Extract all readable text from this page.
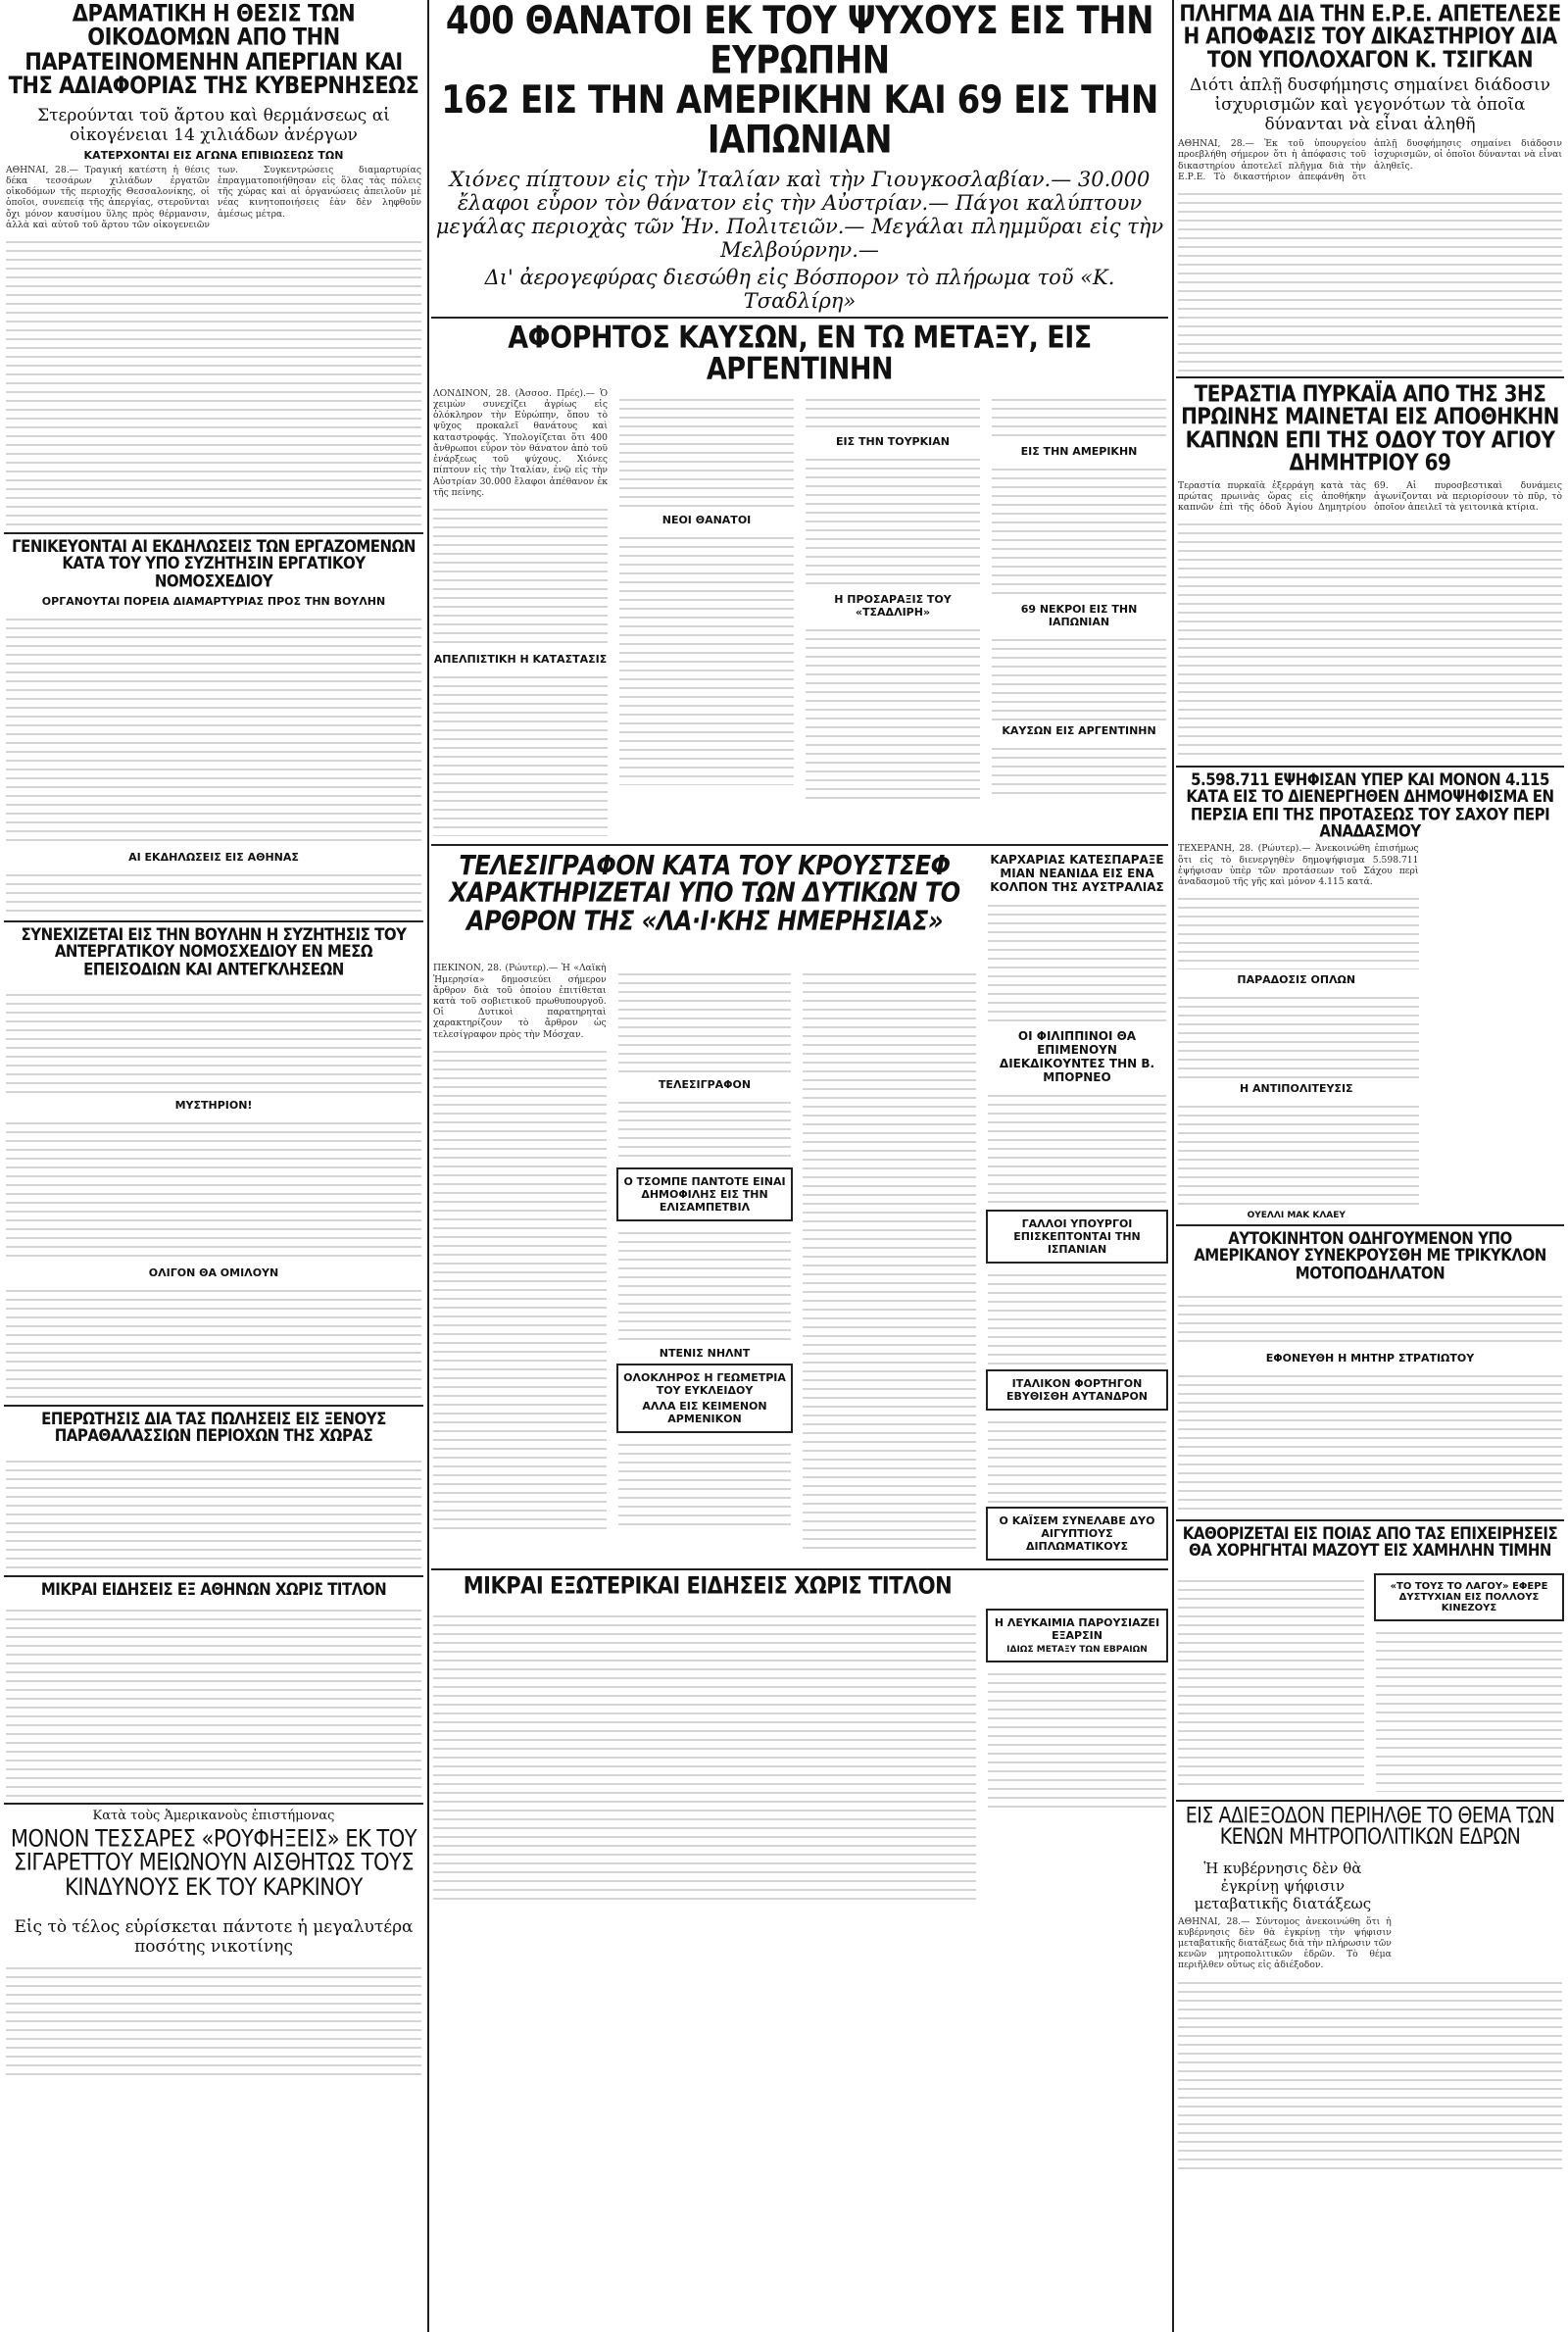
ΔΡΑΜΑΤΙΚΗ Η ΘΕΣΙΣ ΤΩΝ ΟΙΚΟΔΟΜΩΝ ΑΠΟ ΤΗΝ ΠΑΡΑΤΕΙΝΟΜΕΝΗΝ ΑΠΕΡΓΙΑΝ ΚΑΙ ΤΗΣ ΑΔΙΑΦΟΡΙΑΣ ΤΗΣ ΚΥΒΕΡΝΗΣΕΩΣ
Στερούνται τοῦ ἄρτου καὶ θερμάνσεως αἱ οἰκογένειαι 14 χιλιάδων ἀνέργων
ΚΑΤΕΡΧΟΝΤΑΙ ΕΙΣ ΑΓΩΝΑ ΕΠΙΒΙΩΣΕΩΣ ΤΩΝ
ΑΘΗΝΑΙ, 28.— Τραγική κατέστη ἡ θέσις δέκα τεσσάρων χιλιάδων ἐργατῶν οἰκοδόμων τῆς περιοχῆς Θεσσαλονίκης, οἱ ὁποῖοι, συνεπείᾳ τῆς ἀπεργίας, στεροῦνται ὄχι μόνον καυσίμου ὕλης πρὸς θέρμανσιν, ἀλλὰ καὶ αὐτοῦ τοῦ ἄρτου τῶν οἰκογενειῶν των. Συγκεντρώσεις διαμαρτυρίας ἐπραγματοποιήθησαν εἰς ὅλας τὰς πόλεις τῆς χώρας καὶ αἱ ὀργανώσεις ἀπειλοῦν μὲ νέας κινητοποιήσεις ἐὰν δὲν ληφθοῦν ἀμέσως μέτρα.
ΓΕΝΙΚΕΥΟΝΤΑΙ ΑΙ ΕΚΔΗΛΩΣΕΙΣ ΤΩΝ ΕΡΓΑΖΟΜΕΝΩΝ ΚΑΤΑ ΤΟΥ ΥΠΟ ΣΥΖΗΤΗΣΙΝ ΕΡΓΑΤΙΚΟΥ ΝΟΜΟΣΧΕΔΙΟΥ
ΟΡΓΑΝΟΥΤΑΙ ΠΟΡΕΙΑ ΔΙΑΜΑΡΤΥΡΙΑΣ ΠΡΟΣ ΤΗΝ ΒΟΥΛΗΝ
ΑΙ ΕΚΔΗΛΩΣΕΙΣ ΕΙΣ ΑΘΗΝΑΣ
ΣΥΝΕΧΙΖΕΤΑΙ ΕΙΣ ΤΗΝ ΒΟΥΛΗΝ Η ΣΥΖΗΤΗΣΙΣ ΤΟΥ ΑΝΤΕΡΓΑΤΙΚΟΥ ΝΟΜΟΣΧΕΔΙΟΥ ΕΝ ΜΕΣΩ ΕΠΕΙΣΟΔΙΩΝ ΚΑΙ ΑΝΤΕΓΚΛΗΣΕΩΝ
ΜΥΣΤΗΡΙΟΝ!
ΟΛΙΓΟΝ ΘΑ ΟΜΙΛΟΥΝ
ΕΠΕΡΩΤΗΣΙΣ ΔΙΑ ΤΑΣ ΠΩΛΗΣΕΙΣ ΕΙΣ ΞΕΝΟΥΣ ΠΑΡΑΘΑΛΑΣΣΙΩΝ ΠΕΡΙΟΧΩΝ ΤΗΣ ΧΩΡΑΣ
ΜΙΚΡΑΙ ΕΙΔΗΣΕΙΣ ΕΞ ΑΘΗΝΩΝ ΧΩΡΙΣ ΤΙΤΛΟΝ
Κατὰ τοὺς Ἀμερικανοὺς ἐπιστήμονας
ΜΟΝΟΝ ΤΕΣΣΑΡΕΣ «ΡΟΥΦΗΞΕΙΣ» ΕΚ ΤΟΥ ΣΙΓΑΡΕΤΤΟΥ ΜΕΙΩΝΟΥΝ ΑΙΣΘΗΤΩΣ ΤΟΥΣ ΚΙΝΔΥΝΟΥΣ ΕΚ ΤΟΥ ΚΑΡΚΙΝΟΥ
Εἰς τὸ τέλος εὑρίσκεται πάντοτε ἡ μεγαλυτέρα ποσότης νικοτίνης
400 ΘΑΝΑΤΟΙ ΕΚ ΤΟΥ ΨΥΧΟΥΣ ΕΙΣ ΤΗΝ ΕΥΡΩΠΗΝ
162 ΕΙΣ ΤΗΝ ΑΜΕΡΙΚΗΝ ΚΑΙ 69 ΕΙΣ ΤΗΝ ΙΑΠΩΝΙΑΝ
Χιόνες πίπτουν εἰς τὴν Ἰταλίαν καὶ τὴν Γιουγκοσλαβίαν.— 30.000 ἔλαφοι εὗρον τὸν θάνατον εἰς τὴν Αὐστρίαν.— Πάγοι καλύπτουν μεγάλας περιοχὰς τῶν Ἡν. Πολιτειῶν.— Μεγάλαι πλημμῦραι εἰς τὴν Μελβούρνην.—
Δι' ἀερογεφύρας διεσώθη εἰς Βόσπορον τὸ πλήρωμα τοῦ «Κ. Τσαδλίρη»
ΑΦΟΡΗΤΟΣ ΚΑΥΣΩΝ, ΕΝ ΤΩ ΜΕΤΑΞΥ, ΕΙΣ ΑΡΓΕΝΤΙΝΗΝ
ΛΟΝΔΙΝΟΝ, 28. (Ἀσσοσ. Πρές).— Ὁ χειμὼν συνεχίζει ἀγρίως εἰς ὁλόκληρον τὴν Εὐρώπην, ὅπου τὸ ψῦχος προκαλεῖ θανάτους καὶ καταστροφάς. Ὑπολογίζεται ὅτι 400 ἄνθρωποι εὗρον τὸν θάνατον ἀπὸ τοῦ ἐνάρξεως τοῦ ψύχους. Χιόνες πίπτουν εἰς τὴν Ἰταλίαν, ἐνῷ εἰς τὴν Αὐστρίαν 30.000 ἔλαφοι ἀπέθανον ἐκ τῆς πείνης.
ΑΠΕΛΠΙΣΤΙΚΗ Η ΚΑΤΑΣΤΑΣΙΣ
ΝΕΟΙ ΘΑΝΑΤΟΙ
ΕΙΣ ΤΗΝ ΤΟΥΡΚΙΑΝ
Η ΠΡΟΣΑΡΑΞΙΣ ΤΟΥ «ΤΣΑΔΛΙΡΗ»
ΕΙΣ ΤΗΝ ΑΜΕΡΙΚΗΝ
69 ΝΕΚΡΟΙ ΕΙΣ ΤΗΝ ΙΑΠΩΝΙΑΝ
ΚΑΥΣΩΝ ΕΙΣ ΑΡΓΕΝΤΙΝΗΝ
ΤΕΛΕΣΙΓΡΑΦΟΝ ΚΑΤΑ ΤΟΥ ΚΡΟΥΣΤΣΕΦ ΧΑΡΑΚΤΗΡΙΖΕΤΑΙ ΥΠΟ ΤΩΝ ΔΥΤΙΚΩΝ ΤΟ ΑΡΘΡΟΝ ΤΗΣ «ΛΑ·Ι·ΚΗΣ ΗΜΕΡΗΣΙΑΣ»
ΠΕΚΙΝΟΝ, 28. (Ρώυτερ).— Ἡ «Λαϊκὴ Ἡμερησία» δημοσιεύει σήμερον ἄρθρον διὰ τοῦ ὁποίου ἐπιτίθεται κατὰ τοῦ σοβιετικοῦ πρωθυπουργοῦ. Οἱ Δυτικοὶ παρατηρηταὶ χαρακτηρίζουν τὸ ἄρθρον ὡς τελεσίγραφον πρὸς τὴν Μόσχαν.
ΤΕΛΕΣΙΓΡΑΦΟΝ
Ο ΤΣΟΜΠΕ ΠΑΝΤΟΤΕ ΕΙΝΑΙ ΔΗΜΟΦΙΛΗΣ ΕΙΣ ΤΗΝ ΕΛΙΣΑΜΠΕΤΒΙΛ
ΝΤΕΝΙΣ ΝΗΛΝΤ
ΟΛΟΚΛΗΡΟΣ Η ΓΕΩΜΕΤΡΙΑ ΤΟΥ ΕΥΚΛΕΙΔΟΥ
ΑΛΛΑ ΕΙΣ ΚΕΙΜΕΝΟΝ ΑΡΜΕΝΙΚΟΝ
ΚΑΡΧΑΡΙΑΣ ΚΑΤΕΣΠΑΡΑΞΕ ΜΙΑΝ ΝΕΑΝΙΔΑ ΕΙΣ ΕΝΑ ΚΟΛΠΟΝ ΤΗΣ ΑΥΣΤΡΑΛΙΑΣ
ΟΙ ΦΙΛΙΠΠΙΝΟΙ ΘΑ ΕΠΙΜΕΝΟΥΝ ΔΙΕΚΔΙΚΟΥΝΤΕΣ ΤΗΝ Β. ΜΠΟΡΝΕΟ
ΓΑΛΛΟΙ ΥΠΟΥΡΓΟΙ ΕΠΙΣΚΕΠΤΟΝΤΑΙ ΤΗΝ ΙΣΠΑΝΙΑΝ
ΙΤΑΛΙΚΟΝ ΦΟΡΤΗΓΟΝ ΕΒΥΘΙΣΘΗ ΑΥΤΑΝΔΡΟΝ
Ο ΚΑΪΣΕΜ ΣΥΝΕΛΑΒΕ ΔΥΟ ΑΙΓΥΠΤΙΟΥΣ ΔΙΠΛΩΜΑΤΙΚΟΥΣ
ΜΙΚΡΑΙ ΕΞΩΤΕΡΙΚΑΙ ΕΙΔΗΣΕΙΣ ΧΩΡΙΣ ΤΙΤΛΟΝ
Η ΛΕΥΚΑΙΜΙΑ ΠΑΡΟΥΣΙΑΖΕΙ ΕΞΑΡΣΙΝ
ΙΔΙΩΣ ΜΕΤΑΞΥ ΤΩΝ ΕΒΡΑΙΩΝ
ΠΛΗΓΜΑ ΔΙΑ ΤΗΝ Ε.Ρ.Ε. ΑΠΕΤΕΛΕΣΕ Η ΑΠΟΦΑΣΙΣ ΤΟΥ ΔΙΚΑΣΤΗΡΙΟΥ ΔΙΑ ΤΟΝ ΥΠΟΛΟΧΑΓΟΝ Κ. ΤΣΙΓΚΑΝ
Διότι ἁπλῇ δυσφήμησις σημαίνει διάδοσιν ἰσχυρισμῶν καὶ γεγονότων τὰ ὁποῖα δύνανται νὰ εἶναι ἀληθῆ
ΑΘΗΝΑΙ, 28.— Ἐκ τοῦ ὑπουργείου προεβλήθη σήμερον ὅτι ἡ ἀπόφασις τοῦ δικαστηρίου ἀποτελεῖ πλῆγμα διὰ τὴν Ε.Ρ.Ε. Τὸ δικαστήριον ἀπεφάνθη ὅτι ἁπλῇ δυσφήμησις σημαίνει διάδοσιν ἰσχυρισμῶν, οἱ ὁποῖοι δύνανται νὰ εἶναι ἀληθεῖς.
ΤΕΡΑΣΤΙΑ ΠΥΡΚΑΪΑ ΑΠΟ ΤΗΣ 3ΗΣ ΠΡΩΙΝΗΣ ΜΑΙΝΕΤΑΙ ΕΙΣ ΑΠΟΘΗΚΗΝ ΚΑΠΝΩΝ ΕΠΙ ΤΗΣ ΟΔΟΥ ΤΟΥ ΑΓΙΟΥ ΔΗΜΗΤΡΙΟΥ 69
Τεραστία πυρκαϊὰ ἐξερράγη κατὰ τὰς πρώτας πρωινὰς ὥρας εἰς ἀποθήκην καπνῶν ἐπὶ τῆς ὁδοῦ Ἁγίου Δημητρίου 69. Αἱ πυροσβεστικαὶ δυνάμεις ἀγωνίζονται νὰ περιορίσουν τὸ πῦρ, τὸ ὁποῖον ἀπειλεῖ τὰ γειτονικὰ κτίρια.
5.598.711 ΕΨΗΦΙΣΑΝ ΥΠΕΡ ΚΑΙ ΜΟΝΟΝ 4.115 ΚΑΤΑ ΕΙΣ ΤΟ ΔΙΕΝΕΡΓΗΘΕΝ ΔΗΜΟΨΗΦΙΣΜΑ ΕΝ ΠΕΡΣΙΑ ΕΠΙ ΤΗΣ ΠΡΟΤΑΣΕΩΣ ΤΟΥ ΣΑΧΟΥ ΠΕΡΙ ΑΝΑΔΑΣΜΟΥ
ΤΕΧΕΡΑΝΗ, 28. (Ρώυτερ).— Ἀνεκοινώθη ἐπισήμως ὅτι εἰς τὸ διενεργηθὲν δημοψήφισμα 5.598.711 ἐψήφισαν ὑπὲρ τῶν προτάσεων τοῦ Σάχου περὶ ἀναδασμοῦ τῆς γῆς καὶ μόνον 4.115 κατά.
ΠΑΡΑΔΟΣΙΣ ΟΠΛΩΝ
Η ΑΝΤΙΠΟΛΙΤΕΥΣΙΣ
ΟΥΕΛΛΙ ΜΑΚ ΚΛΑΕΥ
ΑΥΤΟΚΙΝΗΤΟΝ ΟΔΗΓΟΥΜΕΝΟΝ ΥΠΟ ΑΜΕΡΙΚΑΝΟΥ ΣΥΝΕΚΡΟΥΣΘΗ ΜΕ ΤΡΙΚΥΚΛΟΝ ΜΟΤΟΠΟΔΗΛΑΤΟΝ
ΕΦΟΝΕΥΘΗ Η ΜΗΤΗΡ ΣΤΡΑΤΙΩΤΟΥ
ΚΑΘΟΡΙΖΕΤΑΙ ΕΙΣ ΠΟΙΑΣ ΑΠΟ ΤΑΣ ΕΠΙΧΕΙΡΗΣΕΙΣ ΘΑ ΧΟΡΗΓΗΤΑΙ ΜΑΖΟΥΤ ΕΙΣ ΧΑΜΗΛΗΝ ΤΙΜΗΝ
«ΤΟ ΤΟΥΣ ΤΟ ΛΑΓΟΥ» ΕΦΕΡΕ ΔΥΣΤΥΧΙΑΝ ΕΙΣ ΠΟΛΛΟΥΣ ΚΙΝΕΖΟΥΣ
ΕΙΣ ΑΔΙΕΞΟΔΟΝ ΠΕΡΙΗΛΘΕ ΤΟ ΘΕΜΑ ΤΩΝ ΚΕΝΩΝ ΜΗΤΡΟΠΟΛΙΤΙΚΩΝ ΕΔΡΩΝ
Ἡ κυβέρνησις δὲν θὰ ἐγκρίνῃ ψήφισιν μεταβατικῆς διατάξεως
ΑΘΗΝΑΙ, 28.— Σύντομος ἀνεκοινώθη ὅτι ἡ κυβέρνησις δὲν θὰ ἐγκρίνῃ τὴν ψήφισιν μεταβατικῆς διατάξεως διὰ τὴν πλήρωσιν τῶν κενῶν μητροπολιτικῶν ἑδρῶν. Τὸ θέμα περιῆλθεν οὕτως εἰς ἀδιέξοδον.
